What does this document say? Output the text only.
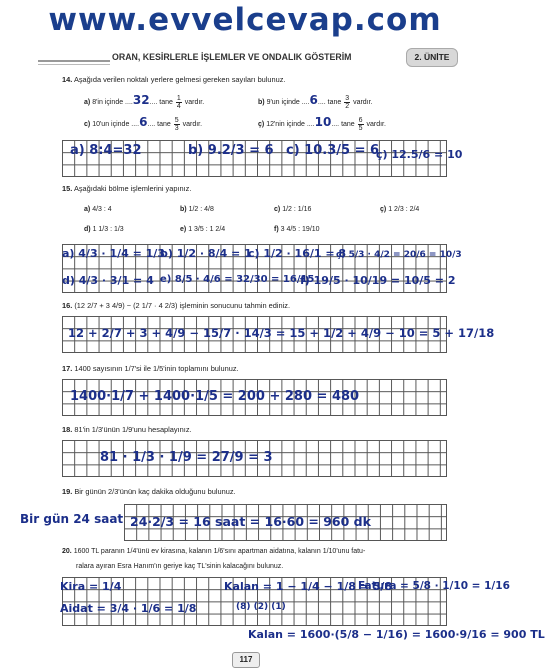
www.evvelcevap.com
ORAN, KESİRLERLE İŞLEMLER VE ONDALIK GÖSTERİM	2. ÜNİTE
14. Aşağıda verilen noktalı yerlere gelmesi gereken sayıları bulunuz.
a) 8'in içinde ....32.... tane $\frac{1}{4}$ vardır.	b) 9'un içinde ....6.... tane $\frac{3}{2}$ vardır.
c) 10'un içinde ....6.... tane $\frac{5}{3}$ vardır.	ç) 12'nin içinde ....10.... tane $\frac{6}{5}$ vardır.
a) 8:4=32	b) 9.2/3 = 6 c) 10.3/5 = 6
ç) 12.5/6 = 10
15. Aşağıdaki bölme işlemlerini yapınız.
a) 4/3 : 4	b) 1/2 : 4/8	c) 1/2 : 1/16	ç) 1 2/3 : 2/4
d) 1 1/3 : 1/3	e) 1 3/5 : 1 2/4	f) 3 4/5 : 19/10
a) 4/3 · 1/4 = 1/3
b) 1/2 · 8/4 = 1
c) 1/2 · 16/1 = 8
ç) 5/3 · 4/2 = 20/6 = 10/3
d) 4/3 · 3/1 = 4 e) 8/5 · 4/6 = 32/30 = 16/15
f) 19/5 · 10/19 = 10/5 = 2
16. (12 2/7 + 3 4/9) − (2 1/7 · 4 2/3) işleminin sonucunu tahmin ediniz.
12 + 2/7 + 3 + 4/9 − 15/7 · 14/3 = 15 + 1/2 + 4/9 − 10 = 5 + 17/18
17. 1400 sayısının 1/7'si ile 1/5'inin toplamını bulunuz.
1400·1/7 + 1400·1/5 = 200 + 280 = 480
18. 81'in 1/3'ünün 1/9'unu hesaplayınız.
81 · 1/3 · 1/9 = 27/9 = 3
19. Bir günün 2/3'ünün kaç dakika olduğunu bulunuz.
Bir gün 24 saat 24·2/3 = 16 saat = 16·60 = 960 dk
20. 1600 TL paranın 1/4'ünü ev kirasına, kalanın 1/6'sını apartman aidatına, kalanın 1/10'unu fatu-
ralara ayıran Esra Hanım'ın geriye kaç TL'sinin kalacağını bulunuz.
Kira = 1/4
Aidat = 3/4 · 1/6 = 1/8
Kalan = 1 − 1/4 − 1/8 = 5/8
(8) (2) (1)
Fatura = 5/8 · 1/10 = 1/16
Kalan = 1600·(5/8 − 1/16) = 1600·9/16 = 900 TL
117
